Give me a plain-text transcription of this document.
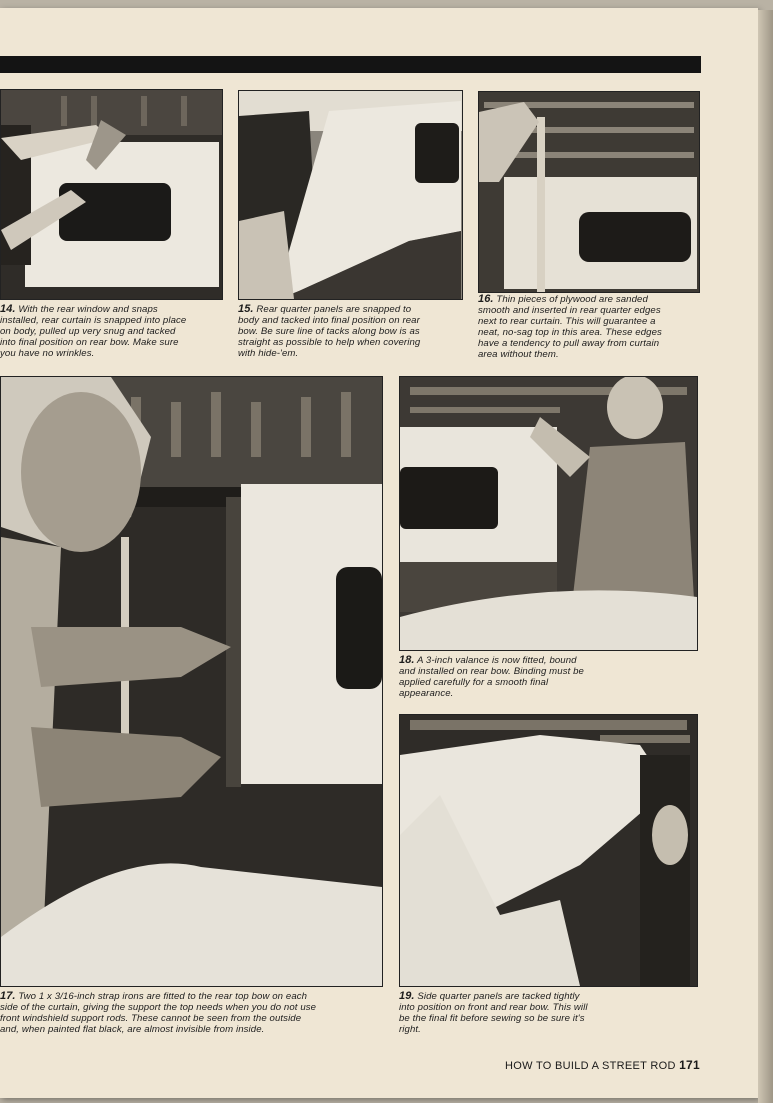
14. With the rear window and snaps
installed, rear curtain is snapped into place
on body, pulled up very snug and tacked
into final position on rear bow. Make sure
you have no wrinkles.
15. Rear quarter panels are snapped to
body and tacked into final position on rear
bow. Be sure line of tacks along bow is as
straight as possible to help when covering
with hide-'em.
16. Thin pieces of plywood are sanded
smooth and inserted in rear quarter edges
next to rear curtain. This will guarantee a
neat, no-sag top in this area. These edges
have a tendency to pull away from curtain
area without them.
18. A 3-inch valance is now fitted, bound
and installed on rear bow. Binding must be
applied carefully for a smooth final
appearance.
17. Two 1 x 3/16-inch strap irons are fitted to the rear top bow on each
side of the curtain, giving the support the top needs when you do not use
front windshield support rods. These cannot be seen from the outside
and, when painted flat black, are almost invisible from inside.
19. Side quarter panels are tacked tightly
into position on front and rear bow. This will
be the final fit before sewing so be sure it's
right.
HOW TO BUILD A STREET ROD 171
